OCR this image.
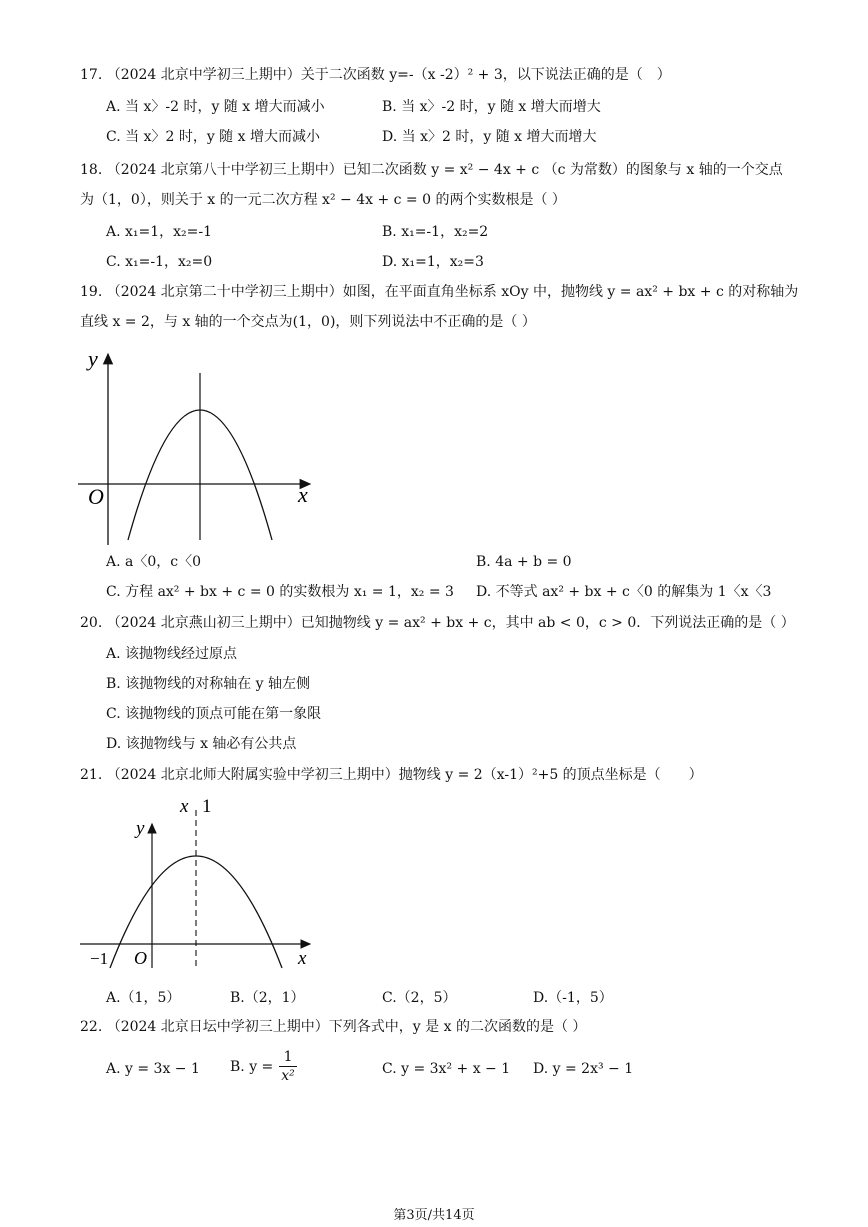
17. （2024 北京中学初三上期中）关于二次函数 y=-（x -2）² + 3，以下说法正确的是（　）
A. 当 x〉-2 时，y 随 x 增大而减小	B. 当 x〉-2 时，y 随 x 增大而增大
C. 当 x〉2 时，y 随 x 增大而减小	D. 当 x〉2 时，y 随 x 增大而增大
18. （2024 北京第八十中学初三上期中）已知二次函数 y = x² − 4x + c （c 为常数）的图象与 x 轴的一个交点
为（1，0），则关于 x 的一元二次方程 x² − 4x + c = 0 的两个实数根是（ ）
A. x₁=1，x₂=-1	B. x₁=-1，x₂=2
C. x₁=-1，x₂=0	D. x₁=1，x₂=3
19. （2024 北京第二十中学初三上期中）如图，在平面直角坐标系 xOy 中，抛物线 y = ax² + bx + c 的对称轴为
直线 x = 2，与 x 轴的一个交点为(1，0)，则下列说法中不正确的是（ ）
y
x
O
A. a〈0，c〈0	B. 4a + b = 0
C. 方程 ax² + bx + c = 0 的实数根为 x₁ = 1，x₂ = 3 D. 不等式 ax² + bx + c〈0 的解集为 1〈x〈3
20. （2024 北京燕山初三上期中）已知抛物线 y = ax² + bx + c，其中 ab < 0，c > 0．下列说法正确的是（ ）
A. 该抛物线经过原点
B. 该抛物线的对称轴在 y 轴左侧
C. 该抛物线的顶点可能在第一象限
D. 该抛物线与 x 轴必有公共点
21. （2024 北京北师大附属实验中学初三上期中）抛物线 y = 2（x-1）²+5 的顶点坐标是（　　）
x 1
y
x
O
−1
A.（1，5）	B.（2，1）	C.（2，5）	D.（-1，5）
22. （2024 北京日坛中学初三上期中）下列各式中，y 是 x 的二次函数的是（ ）
A. y = 3x − 1 B. $y = \frac{1}{\text{x²}}$	C. y = 3x² + x − 1 D. y = 2x³ − 1
第3页/共14页
